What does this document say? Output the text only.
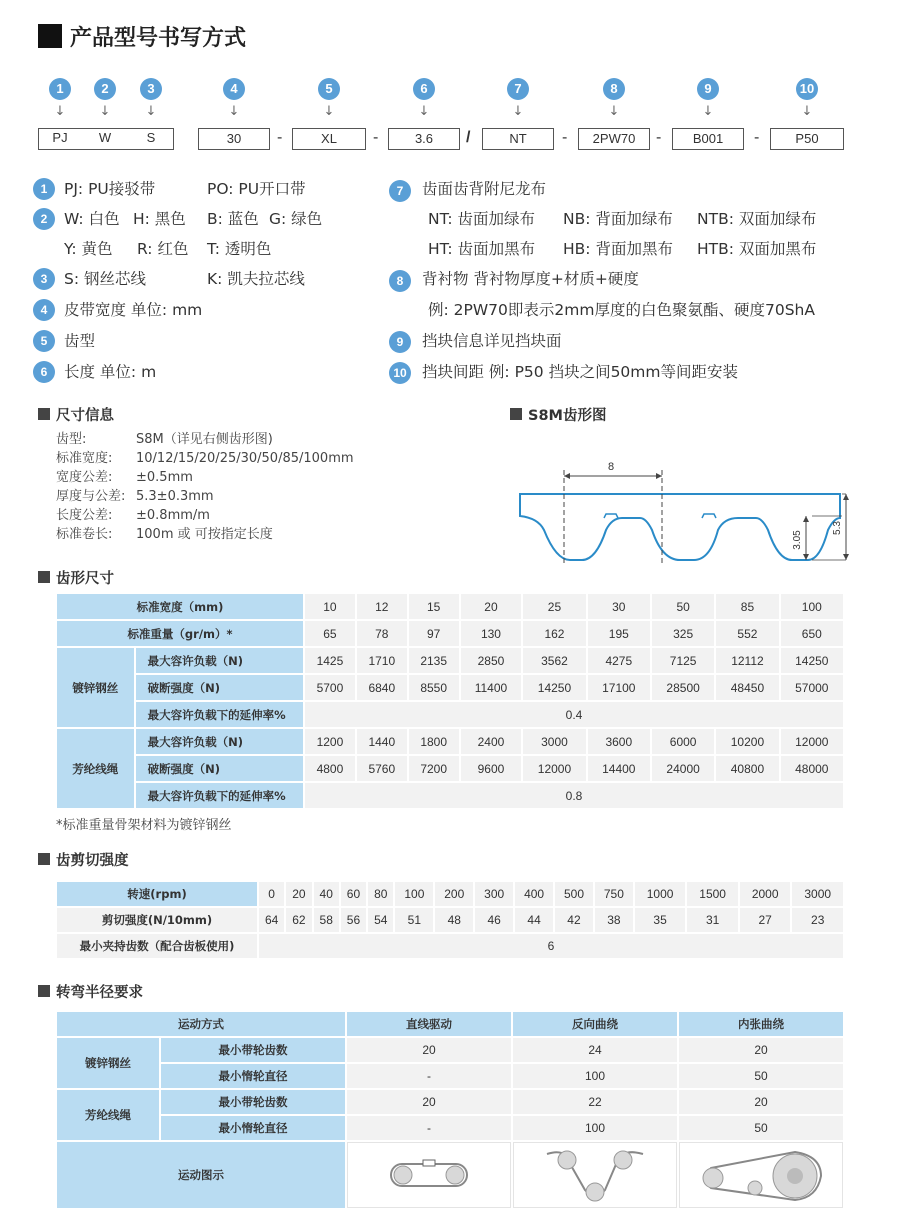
产品型号书写方式
1
↓
PJ
2
↓
W
3
↓
S
4
↓
30
5
↓
XL
6
↓
3.6
7
↓
NT
8
↓
2PW70
9
↓
B001
10
↓
P50
-	-	/	-	-	-
1	PJ: PU接驳带	PO: PU开口带
2	W: 白色 H: 黑色 B: 蓝色 G: 绿色
Y: 黄色 R: 红色 T: 透明色
3	S: 钢丝芯线	K: 凯夫拉芯线
4	皮带宽度 单位: mm
5	齿型
6	长度 单位: m
7	齿面齿背附尼龙布
NT: 齿面加绿布 NB: 背面加绿布 NTB: 双面加绿布
HT: 齿面加黑布 HB: 背面加黑布 HTB: 双面加黑布
8	背衬物 背衬物厚度+材质+硬度
例: 2PW70即表示2mm厚度的白色聚氨酯、硬度70ShA
9	挡块信息详见挡块面
10 挡块间距 例: P50 挡块之间50mm等间距安装
尺寸信息
齿型:	S8M（详见右侧齿形图)
标准宽度: 10/12/15/20/25/30/50/85/100mm
宽度公差: ±0.5mm
厚度与公差: 5.3±0.3mm
长度公差: ±0.8mm/m
标准卷长: 100m 或 可按指定长度
S8M齿形图
8
3.05
5.3
齿形尺寸
标准宽度（mm)		10	12	15	20	25	30	50	85	100
标准重量（gr/m）*		65	78	97	130	162	195	325	552	650
镀锌钢丝	最大容许负载（N)	1425	1710	2135	2850	3562	4275	7125	12112	14250
	破断强度（N)	5700	6840	8550	11400	14250	17100	28500	48450	57000
	最大容许负载下的延伸率%	0.4								
芳纶线绳	最大容许负载（N)	1200	1440	1800	2400	3000	3600	6000	10200	12000
	破断强度（N)	4800	5760	7200	9600	12000	14400	24000	40800	48000
	最大容许负载下的延伸率%	0.8								
*标准重量骨架材料为镀锌钢丝
齿剪切强度
转速(rpm)	0	20	40	60	80	100	200	300	400	500	750	1000	1500	2000	3000
剪切强度(N/10mm)	64	62	58	56	54	51	48	46	44	42	38	35	31	27	23
最小夹持齿数（配合齿板使用)	6														
转弯半径要求
运动方式		直线驱动	反向曲绕	内张曲绕
镀锌钢丝	最小带轮齿数	20	24	20
	最小惰轮直径	-	100	50
芳纶线绳	最小带轮齿数	20	22	20
	最小惰轮直径	-	100	50
运动图示			
